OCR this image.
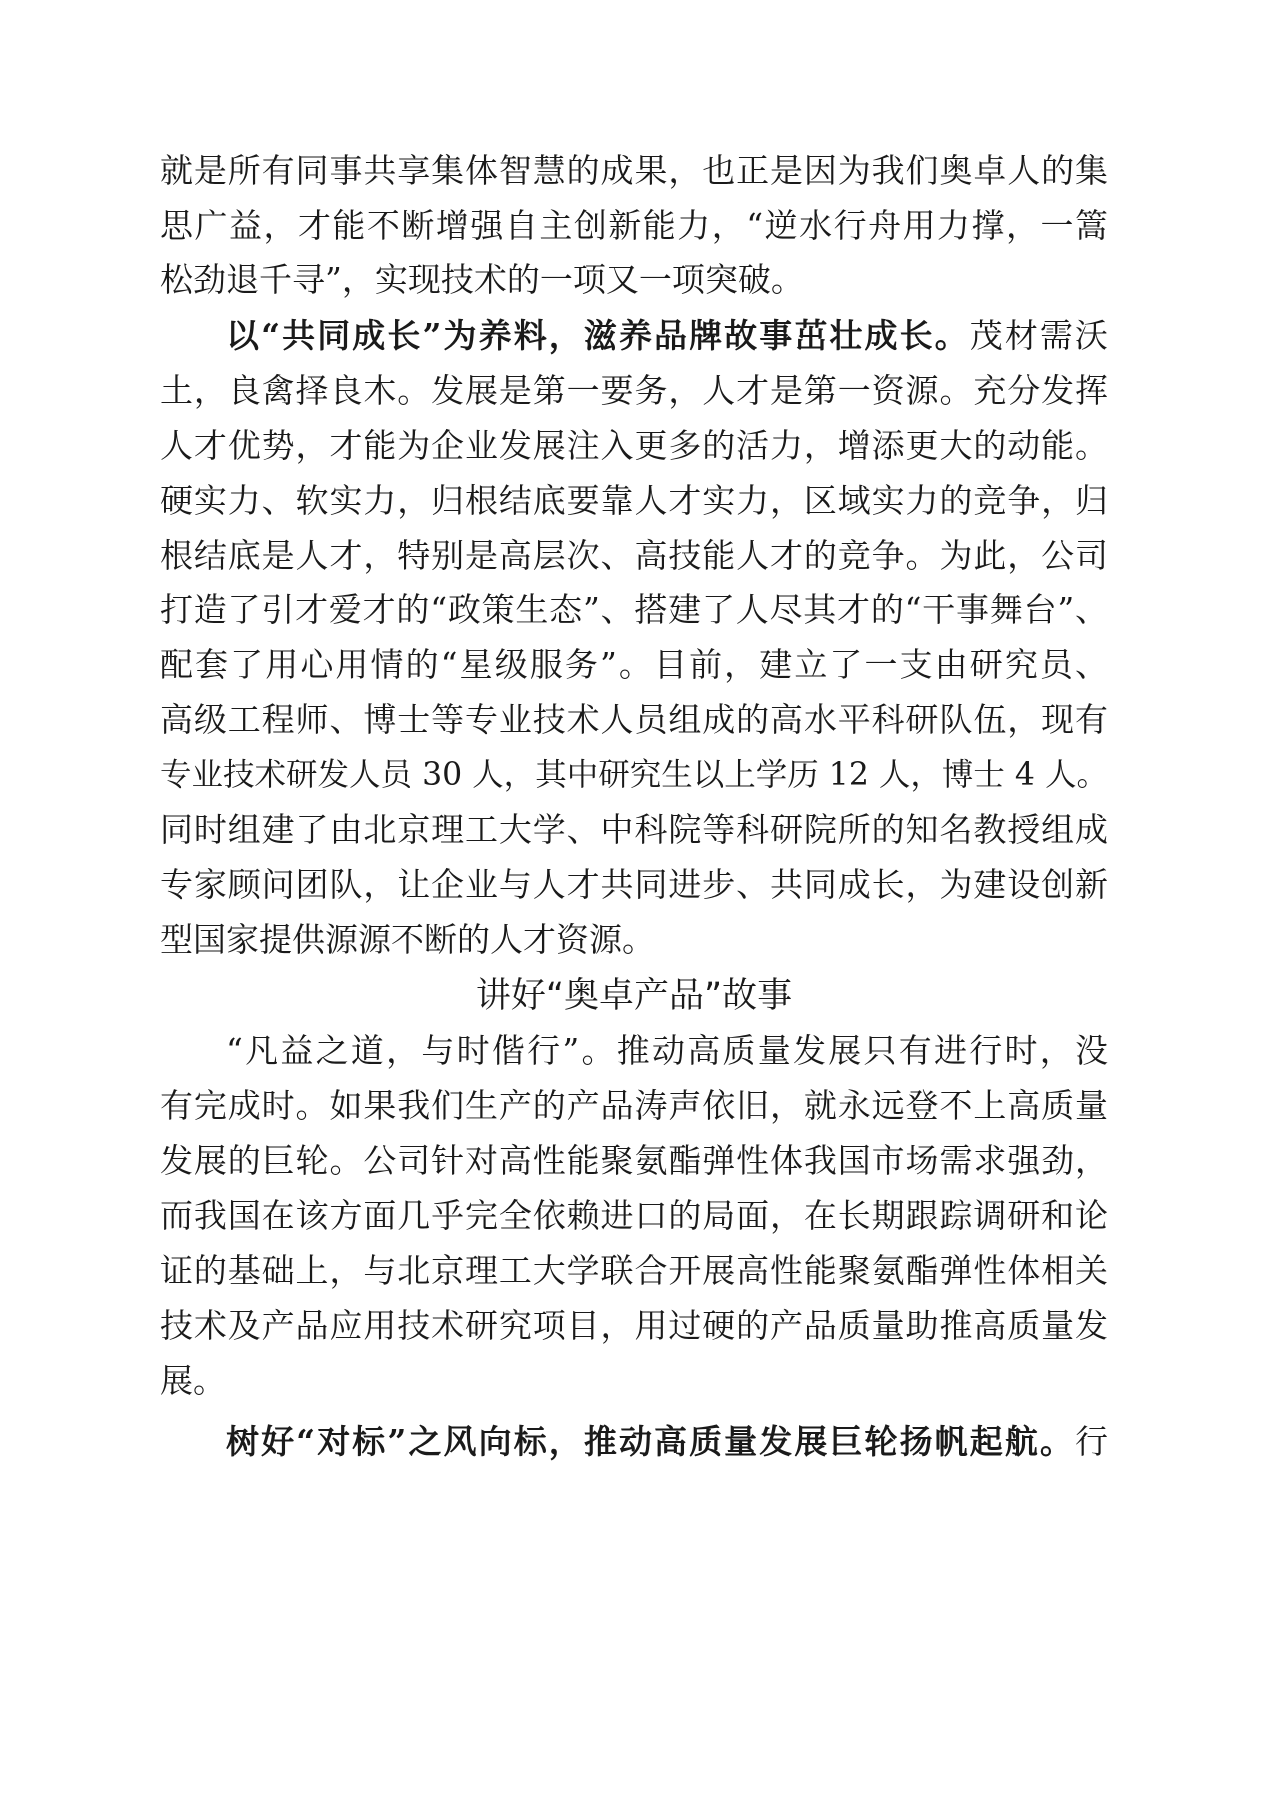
就是所有同事共享集体智慧的成果，也正是因为我们奥卓人的集
思广益，才能不断增强自主创新能力，“逆水行舟用力撑，一篙
松劲退千寻”，实现技术的一项又一项突破。
以“共同成长”为养料，滋养品牌故事茁壮成长。茂材需沃
土，良禽择良木。发展是第一要务，人才是第一资源。充分发挥
人才优势，才能为企业发展注入更多的活力，增添更大的动能。
硬实力、软实力，归根结底要靠人才实力，区域实力的竞争，归
根结底是人才，特别是高层次、高技能人才的竞争。为此，公司
打造了引才爱才的“政策生态”、搭建了人尽其才的“干事舞台”、
配套了用心用情的“星级服务”。目前，建立了一支由研究员、
高级工程师、博士等专业技术人员组成的高水平科研队伍，现有
专业技术研发人员 30 人，其中研究生以上学历 12 人，博士 4 人。
同时组建了由北京理工大学、中科院等科研院所的知名教授组成
专家顾问团队，让企业与人才共同进步、共同成长，为建设创新
型国家提供源源不断的人才资源。
讲好“奥卓产品”故事
“凡益之道，与时偕行”。推动高质量发展只有进行时，没
有完成时。如果我们生产的产品涛声依旧，就永远登不上高质量
发展的巨轮。公司针对高性能聚氨酯弹性体我国市场需求强劲，
而我国在该方面几乎完全依赖进口的局面，在长期跟踪调研和论
证的基础上，与北京理工大学联合开展高性能聚氨酯弹性体相关
技术及产品应用技术研究项目，用过硬的产品质量助推高质量发
展。
树好“对标”之风向标，推动高质量发展巨轮扬帆起航。行
